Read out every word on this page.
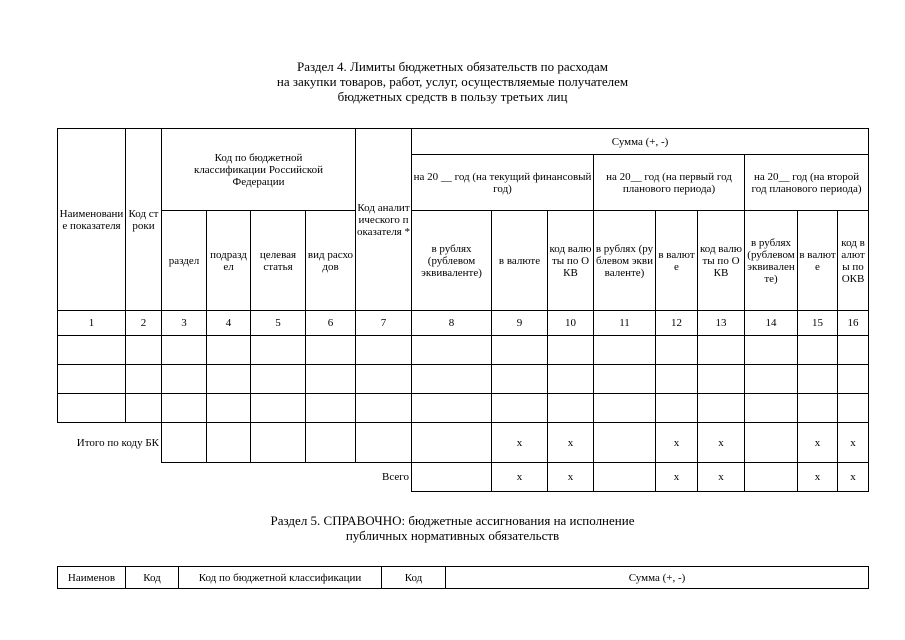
Раздел 4. Лимиты бюджетных обязательств по расходам
на закупки товаров, работ, услуг, осуществляемые получателем
бюджетных средств в пользу третьих лиц
Наименование показателя	Код строки	Код по бюджетной классификации Российской Федерации				Код аналитического показателя *	Сумма (+, -)								
							на 20 __ год (на текущий финансовый год)			на 20__ год (на первый год планового периода)			на 20__ год (на второй год планового периода)		
		раздел	подраздел	целевая статья	вид расходов		в рублях (рублевом эквиваленте)	в валюте	код валюты по ОКВ	в рублях (рублевом эквиваленте)	в валюте	код валюты по ОКВ	в рублях (рублевом эквиваленте)	в валюте	код валюты по ОКВ
1	2	3	4	5	6	7	8	9	10	11	12	13	14	15	16

Итого по коду БК								x	x		x	x		x	x
						Всего		x	x		x	x		x	x
Раздел 5. СПРАВОЧНО: бюджетные ассигнования на исполнение
публичных нормативных обязательств
Наименов	Код	Код по бюджетной классификации	Код	Сумма (+, -)
